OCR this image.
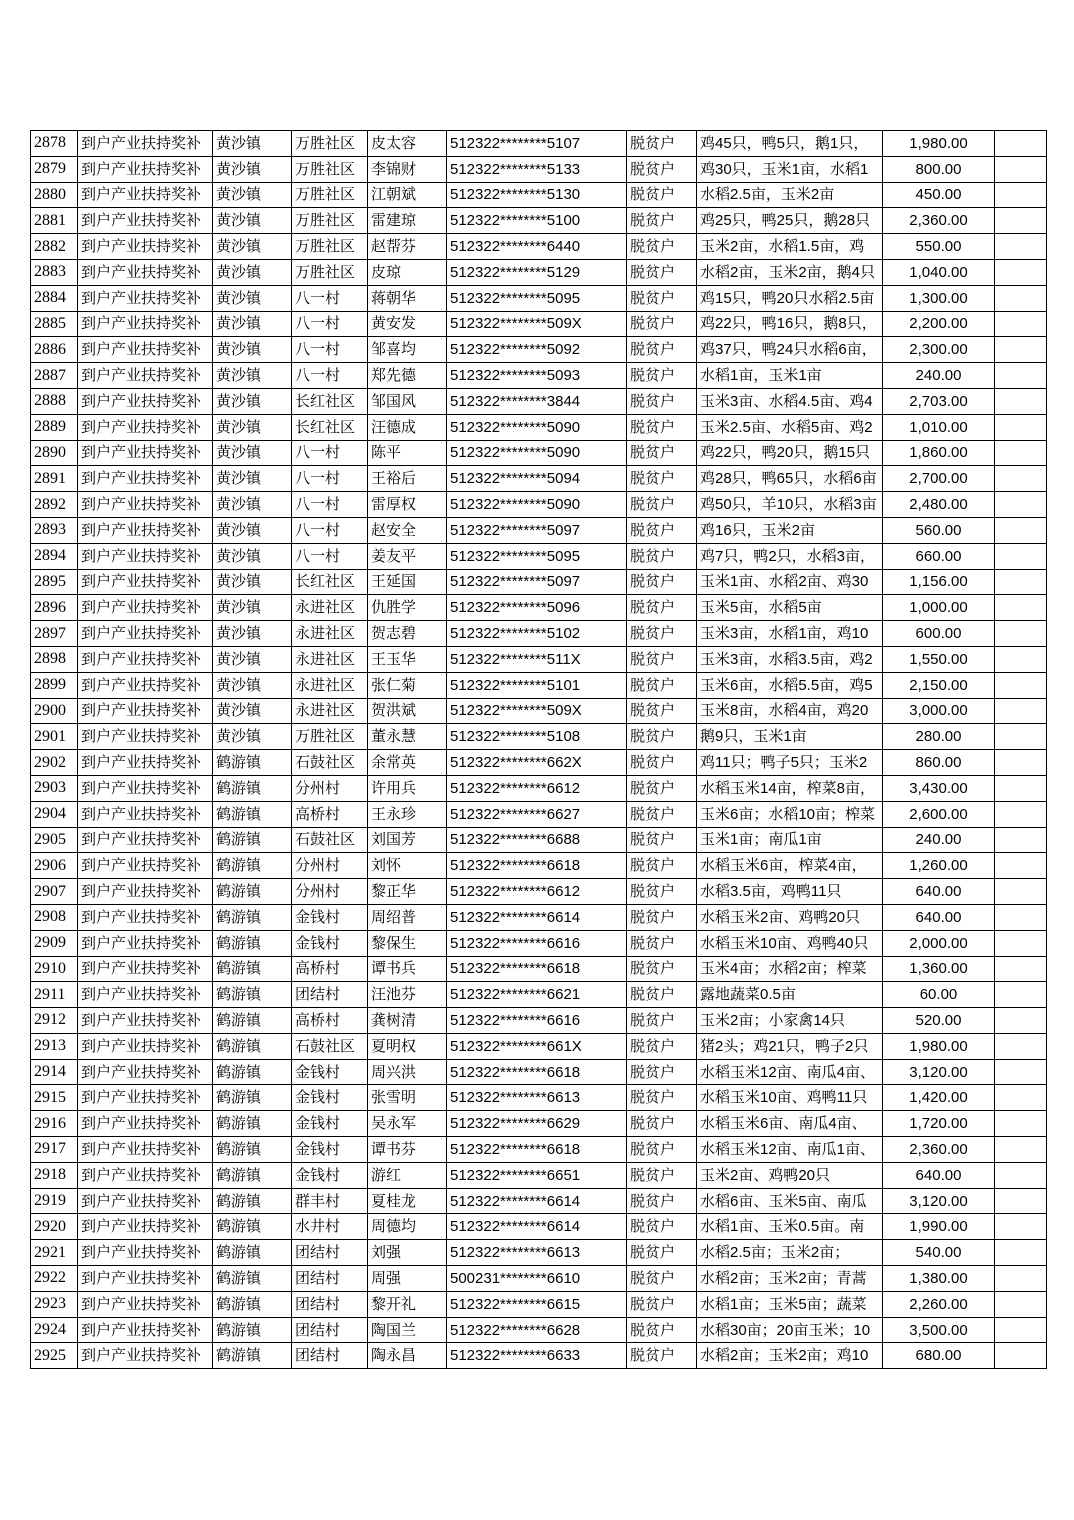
2878	到户产业扶持奖补	黄沙镇	万胜社区	皮太容	512322********5107	脱贫户	鸡45只，鸭5只，鹅1只，	1,980.00	
2879	到户产业扶持奖补	黄沙镇	万胜社区	李锦财	512322********5133	脱贫户	鸡30只，玉米1亩，水稻1	800.00	
2880	到户产业扶持奖补	黄沙镇	万胜社区	江朝斌	512322********5130	脱贫户	水稻2.5亩，玉米2亩	450.00	
2881	到户产业扶持奖补	黄沙镇	万胜社区	雷建琼	512322********5100	脱贫户	鸡25只，鸭25只，鹅28只	2,360.00	
2882	到户产业扶持奖补	黄沙镇	万胜社区	赵帮芬	512322********6440	脱贫户	玉米2亩，水稻1.5亩，鸡	550.00	
2883	到户产业扶持奖补	黄沙镇	万胜社区	皮琼	512322********5129	脱贫户	水稻2亩，玉米2亩，鹅4只	1,040.00	
2884	到户产业扶持奖补	黄沙镇	八一村	蒋朝华	512322********5095	脱贫户	鸡15只，鸭20只水稻2.5亩	1,300.00	
2885	到户产业扶持奖补	黄沙镇	八一村	黄安发	512322********509X	脱贫户	鸡22只，鸭16只，鹅8只，	2,200.00	
2886	到户产业扶持奖补	黄沙镇	八一村	邹喜均	512322********5092	脱贫户	鸡37只，鸭24只水稻6亩，	2,300.00	
2887	到户产业扶持奖补	黄沙镇	八一村	郑先德	512322********5093	脱贫户	水稻1亩，玉米1亩	240.00	
2888	到户产业扶持奖补	黄沙镇	长红社区	邹国风	512322********3844	脱贫户	玉米3亩、水稻4.5亩、鸡4	2,703.00	
2889	到户产业扶持奖补	黄沙镇	长红社区	汪德成	512322********5090	脱贫户	玉米2.5亩、水稻5亩、鸡2	1,010.00	
2890	到户产业扶持奖补	黄沙镇	八一村	陈平	512322********5090	脱贫户	鸡22只，鸭20只，鹅15只	1,860.00	
2891	到户产业扶持奖补	黄沙镇	八一村	王裕后	512322********5094	脱贫户	鸡28只，鸭65只，水稻6亩	2,700.00	
2892	到户产业扶持奖补	黄沙镇	八一村	雷厚权	512322********5090	脱贫户	鸡50只，羊10只，水稻3亩	2,480.00	
2893	到户产业扶持奖补	黄沙镇	八一村	赵安全	512322********5097	脱贫户	鸡16只，玉米2亩	560.00	
2894	到户产业扶持奖补	黄沙镇	八一村	姜友平	512322********5095	脱贫户	鸡7只，鸭2只，水稻3亩，	660.00	
2895	到户产业扶持奖补	黄沙镇	长红社区	王延国	512322********5097	脱贫户	玉米1亩、水稻2亩、鸡30	1,156.00	
2896	到户产业扶持奖补	黄沙镇	永进社区	仇胜学	512322********5096	脱贫户	玉米5亩，水稻5亩	1,000.00	
2897	到户产业扶持奖补	黄沙镇	永进社区	贺志碧	512322********5102	脱贫户	玉米3亩，水稻1亩，鸡10	600.00	
2898	到户产业扶持奖补	黄沙镇	永进社区	王玉华	512322********511X	脱贫户	玉米3亩，水稻3.5亩，鸡2	1,550.00	
2899	到户产业扶持奖补	黄沙镇	永进社区	张仁菊	512322********5101	脱贫户	玉米6亩，水稻5.5亩，鸡5	2,150.00	
2900	到户产业扶持奖补	黄沙镇	永进社区	贺洪斌	512322********509X	脱贫户	玉米8亩，水稻4亩，鸡20	3,000.00	
2901	到户产业扶持奖补	黄沙镇	万胜社区	董永慧	512322********5108	脱贫户	鹅9只，玉米1亩	280.00	
2902	到户产业扶持奖补	鹤游镇	石鼓社区	余常英	512322********662X	脱贫户	鸡11只；鸭子5只；玉米2	860.00	
2903	到户产业扶持奖补	鹤游镇	分州村	许用兵	512322********6612	脱贫户	水稻玉米14亩，榨菜8亩，	3,430.00	
2904	到户产业扶持奖补	鹤游镇	高桥村	王永珍	512322********6627	脱贫户	玉米6亩；水稻10亩；榨菜	2,600.00	
2905	到户产业扶持奖补	鹤游镇	石鼓社区	刘国芳	512322********6688	脱贫户	玉米1亩；南瓜1亩	240.00	
2906	到户产业扶持奖补	鹤游镇	分州村	刘怀	512322********6618	脱贫户	水稻玉米6亩，榨菜4亩，	1,260.00	
2907	到户产业扶持奖补	鹤游镇	分州村	黎正华	512322********6612	脱贫户	水稻3.5亩，鸡鸭11只	640.00	
2908	到户产业扶持奖补	鹤游镇	金钱村	周绍普	512322********6614	脱贫户	水稻玉米2亩、鸡鸭20只	640.00	
2909	到户产业扶持奖补	鹤游镇	金钱村	黎保生	512322********6616	脱贫户	水稻玉米10亩、鸡鸭40只	2,000.00	
2910	到户产业扶持奖补	鹤游镇	高桥村	谭书兵	512322********6618	脱贫户	玉米4亩；水稻2亩；榨菜	1,360.00	
2911	到户产业扶持奖补	鹤游镇	团结村	汪池芬	512322********6621	脱贫户	露地蔬菜0.5亩	60.00	
2912	到户产业扶持奖补	鹤游镇	高桥村	龚树清	512322********6616	脱贫户	玉米2亩；小家禽14只	520.00	
2913	到户产业扶持奖补	鹤游镇	石鼓社区	夏明权	512322********661X	脱贫户	猪2头；鸡21只，鸭子2只	1,980.00	
2914	到户产业扶持奖补	鹤游镇	金钱村	周兴洪	512322********6618	脱贫户	水稻玉米12亩、南瓜4亩、	3,120.00	
2915	到户产业扶持奖补	鹤游镇	金钱村	张雪明	512322********6613	脱贫户	水稻玉米10亩、鸡鸭11只	1,420.00	
2916	到户产业扶持奖补	鹤游镇	金钱村	吴永军	512322********6629	脱贫户	水稻玉米6亩、南瓜4亩、	1,720.00	
2917	到户产业扶持奖补	鹤游镇	金钱村	谭书芬	512322********6618	脱贫户	水稻玉米12亩、南瓜1亩、	2,360.00	
2918	到户产业扶持奖补	鹤游镇	金钱村	游红	512322********6651	脱贫户	玉米2亩、鸡鸭20只	640.00	
2919	到户产业扶持奖补	鹤游镇	群丰村	夏桂龙	512322********6614	脱贫户	水稻6亩、玉米5亩、南瓜	3,120.00	
2920	到户产业扶持奖补	鹤游镇	水井村	周德均	512322********6614	脱贫户	水稻1亩、玉米0.5亩。南	1,990.00	
2921	到户产业扶持奖补	鹤游镇	团结村	刘强	512322********6613	脱贫户	水稻2.5亩；玉米2亩；	540.00	
2922	到户产业扶持奖补	鹤游镇	团结村	周强	500231********6610	脱贫户	水稻2亩；玉米2亩；青蒿	1,380.00	
2923	到户产业扶持奖补	鹤游镇	团结村	黎开礼	512322********6615	脱贫户	水稻1亩；玉米5亩；蔬菜	2,260.00	
2924	到户产业扶持奖补	鹤游镇	团结村	陶国兰	512322********6628	脱贫户	水稻30亩；20亩玉米；10	3,500.00	
2925	到户产业扶持奖补	鹤游镇	团结村	陶永昌	512322********6633	脱贫户	水稻2亩；玉米2亩；鸡10	680.00	
